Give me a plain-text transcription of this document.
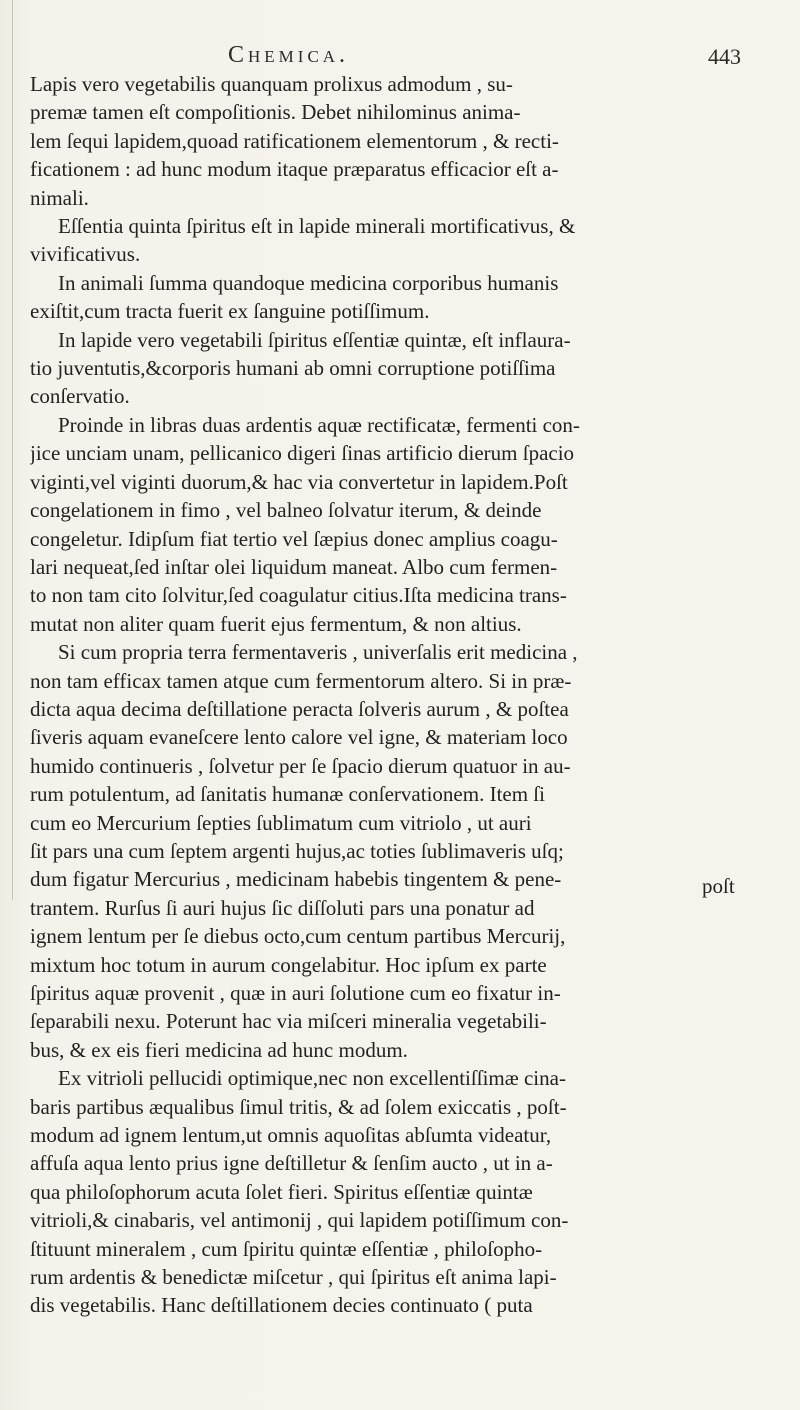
Chemica.	443
Lapis vero vegetabilis quanquam prolixus admodum , su-
premæ tamen eſt compoſitionis. Debet nihilominus anima-
lem ſequi lapidem,quoad ratificationem elementorum , & recti-
ficationem : ad hunc modum itaque præparatus efficacior eſt a-
nimali.
Eſſentia quinta ſpiritus eſt in lapide minerali mortificativus, &
vivificativus.
In animali ſumma quandoque medicina corporibus humanis
exiſtit,cum tracta fuerit ex ſanguine potiſſimum.
In lapide vero vegetabili ſpiritus eſſentiæ quintæ, eſt inflaura-
tio juventutis,&corporis humani ab omni corruptione potiſſima
conſervatio.
Proinde in libras duas ardentis aquæ rectificatæ, fermenti con-
jice unciam unam, pellicanico digeri ſinas artificio dierum ſpacio
viginti,vel viginti duorum,& hac via convertetur in lapidem.Poſt
congelationem in fimo , vel balneo ſolvatur iterum, & deinde
congeletur. Idipſum fiat tertio vel ſæpius donec amplius coagu-
lari nequeat,ſed inſtar olei liquidum maneat. Albo cum fermen-
to non tam cito ſolvitur,ſed coagulatur citius.Iſta medicina trans-
mutat non aliter quam fuerit ejus fermentum, & non altius.
Si cum propria terra fermentaveris , univerſalis erit medicina ,
non tam efficax tamen atque cum fermentorum altero. Si in præ-
dicta aqua decima deſtillatione peracta ſolveris aurum , & poſtea
ſiveris aquam evaneſcere lento calore vel igne, & materiam loco
humido continueris , ſolvetur per ſe ſpacio dierum quatuor in au-
rum potulentum, ad ſanitatis humanæ conſervationem. Item ſi
cum eo Mercurium ſepties ſublimatum cum vitriolo , ut auri
ſit pars una cum ſeptem argenti hujus,ac toties ſublimaveris uſq;
dum figatur Mercurius , medicinam habebis tingentem & pene-
trantem. Rurſus ſi auri hujus ſic diſſoluti pars una ponatur ad
ignem lentum per ſe diebus octo,cum centum partibus Mercurij,
mixtum hoc totum in aurum congelabitur. Hoc ipſum ex parte
ſpiritus aquæ provenit , quæ in auri ſolutione cum eo fixatur in-
ſeparabili nexu. Poterunt hac via miſceri mineralia vegetabili-
bus, & ex eis fieri medicina ad hunc modum.
Ex vitrioli pellucidi optimique,nec non excellentiſſimæ cina-
baris partibus æqualibus ſimul tritis, & ad ſolem exiccatis , poſt-
modum ad ignem lentum,ut omnis aquoſitas abſumta videatur,
affuſa aqua lento prius igne deſtilletur & ſenſim aucto , ut in a-
qua philoſophorum acuta ſolet fieri. Spiritus eſſentiæ quintæ
vitrioli,& cinabaris, vel antimonij , qui lapidem potiſſimum con-
ſtituunt mineralem , cum ſpiritu quintæ eſſentiæ , philoſopho-
rum ardentis & benedictæ miſcetur , qui ſpiritus eſt anima lapi-
dis vegetabilis. Hanc deſtillationem decies continuato ( puta
poſt
